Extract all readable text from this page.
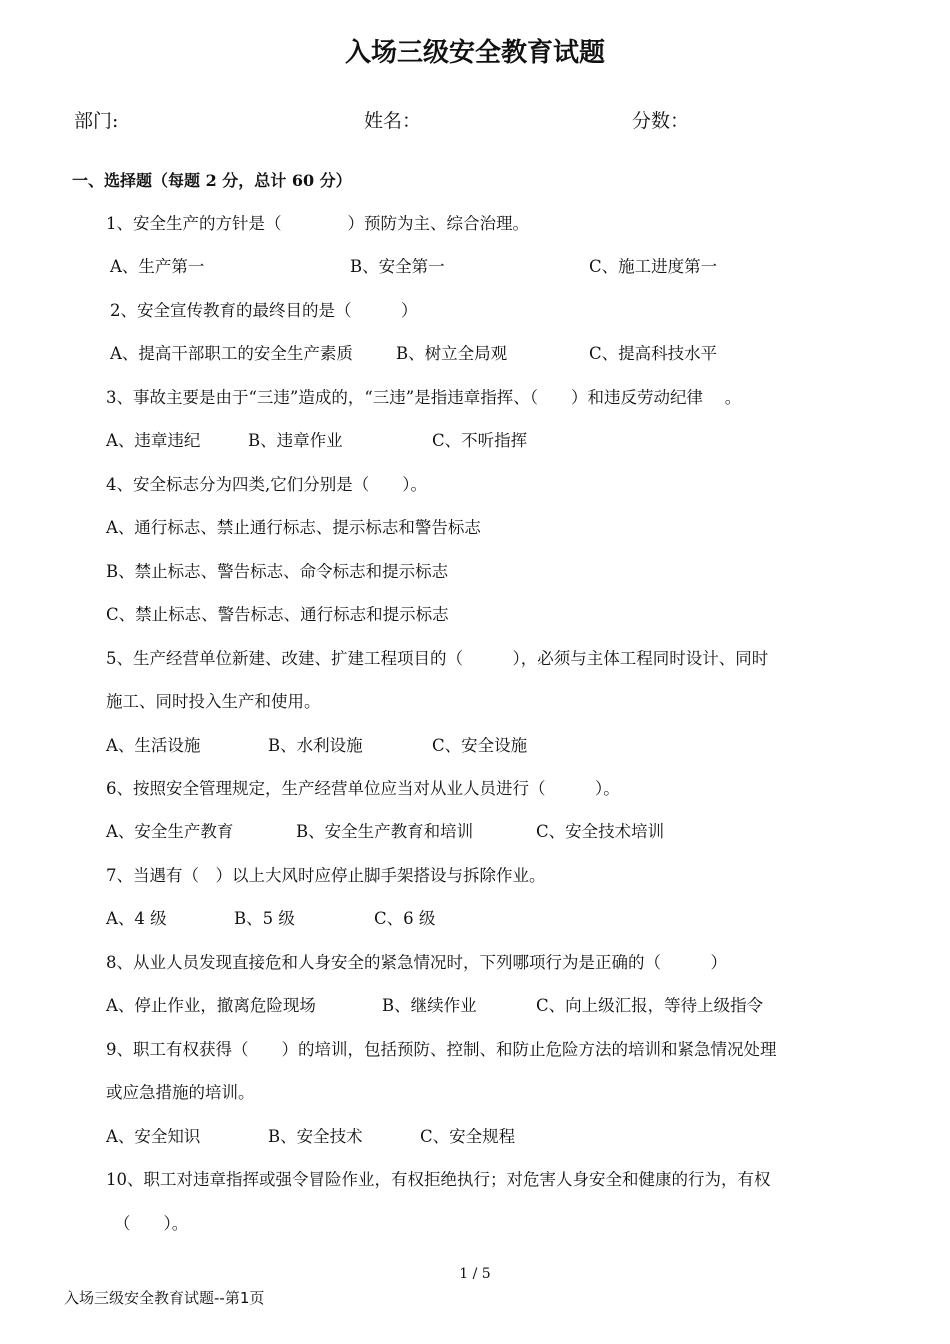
入场三级安全教育试题
部门:	姓名：	分数：
一、选择题（每题 2 分，总计 60 分）
1、安全生产的方针是（　　　　）预防为主、综合治理。
A、生产第一	B、安全第一	C、施工进度第一
2、安全宣传教育的最终目的是（　　　）
A、提高干部职工的安全生产素质	B、树立全局观	C、提高科技水平
3、事故主要是由于“三违”造成的，“三违”是指违章指挥、（　　）和违反劳动纪律　 。
A、违章违纪	B、违章作业	C、不听指挥
4、安全标志分为四类,它们分别是（　　）。
A、通行标志、禁止通行标志、提示标志和警告标志
B、禁止标志、警告标志、命令标志和提示标志
C、禁止标志、警告标志、通行标志和提示标志
5、生产经营单位新建、改建、扩建工程项目的（　　　），必须与主体工程同时设计、同时
施工、同时投入生产和使用。
A、生活设施	B、水利设施	C、安全设施
6、按照安全管理规定，生产经营单位应当对从业人员进行（　　　）。
A、安全生产教育	B、安全生产教育和培训	C、安全技术培训
7、当遇有（　）以上大风时应停止脚手架搭设与拆除作业。
A、4 级	B、5 级	C、6 级
8、从业人员发现直接危和人身安全的紧急情况时，下列哪项行为是正确的（　　　）
A、停止作业，撤离危险现场	B、继续作业	C、向上级汇报，等待上级指令
9、职工有权获得（　　）的培训，包括预防、控制、和防止危险方法的培训和紧急情况处理
或应急措施的培训。
A、安全知识	B、安全技术	C、安全规程
10、职工对违章指挥或强令冒险作业，有权拒绝执行；对危害人身安全和健康的行为，有权
（　　）。
1 / 5
入场三级安全教育试题--第1页
